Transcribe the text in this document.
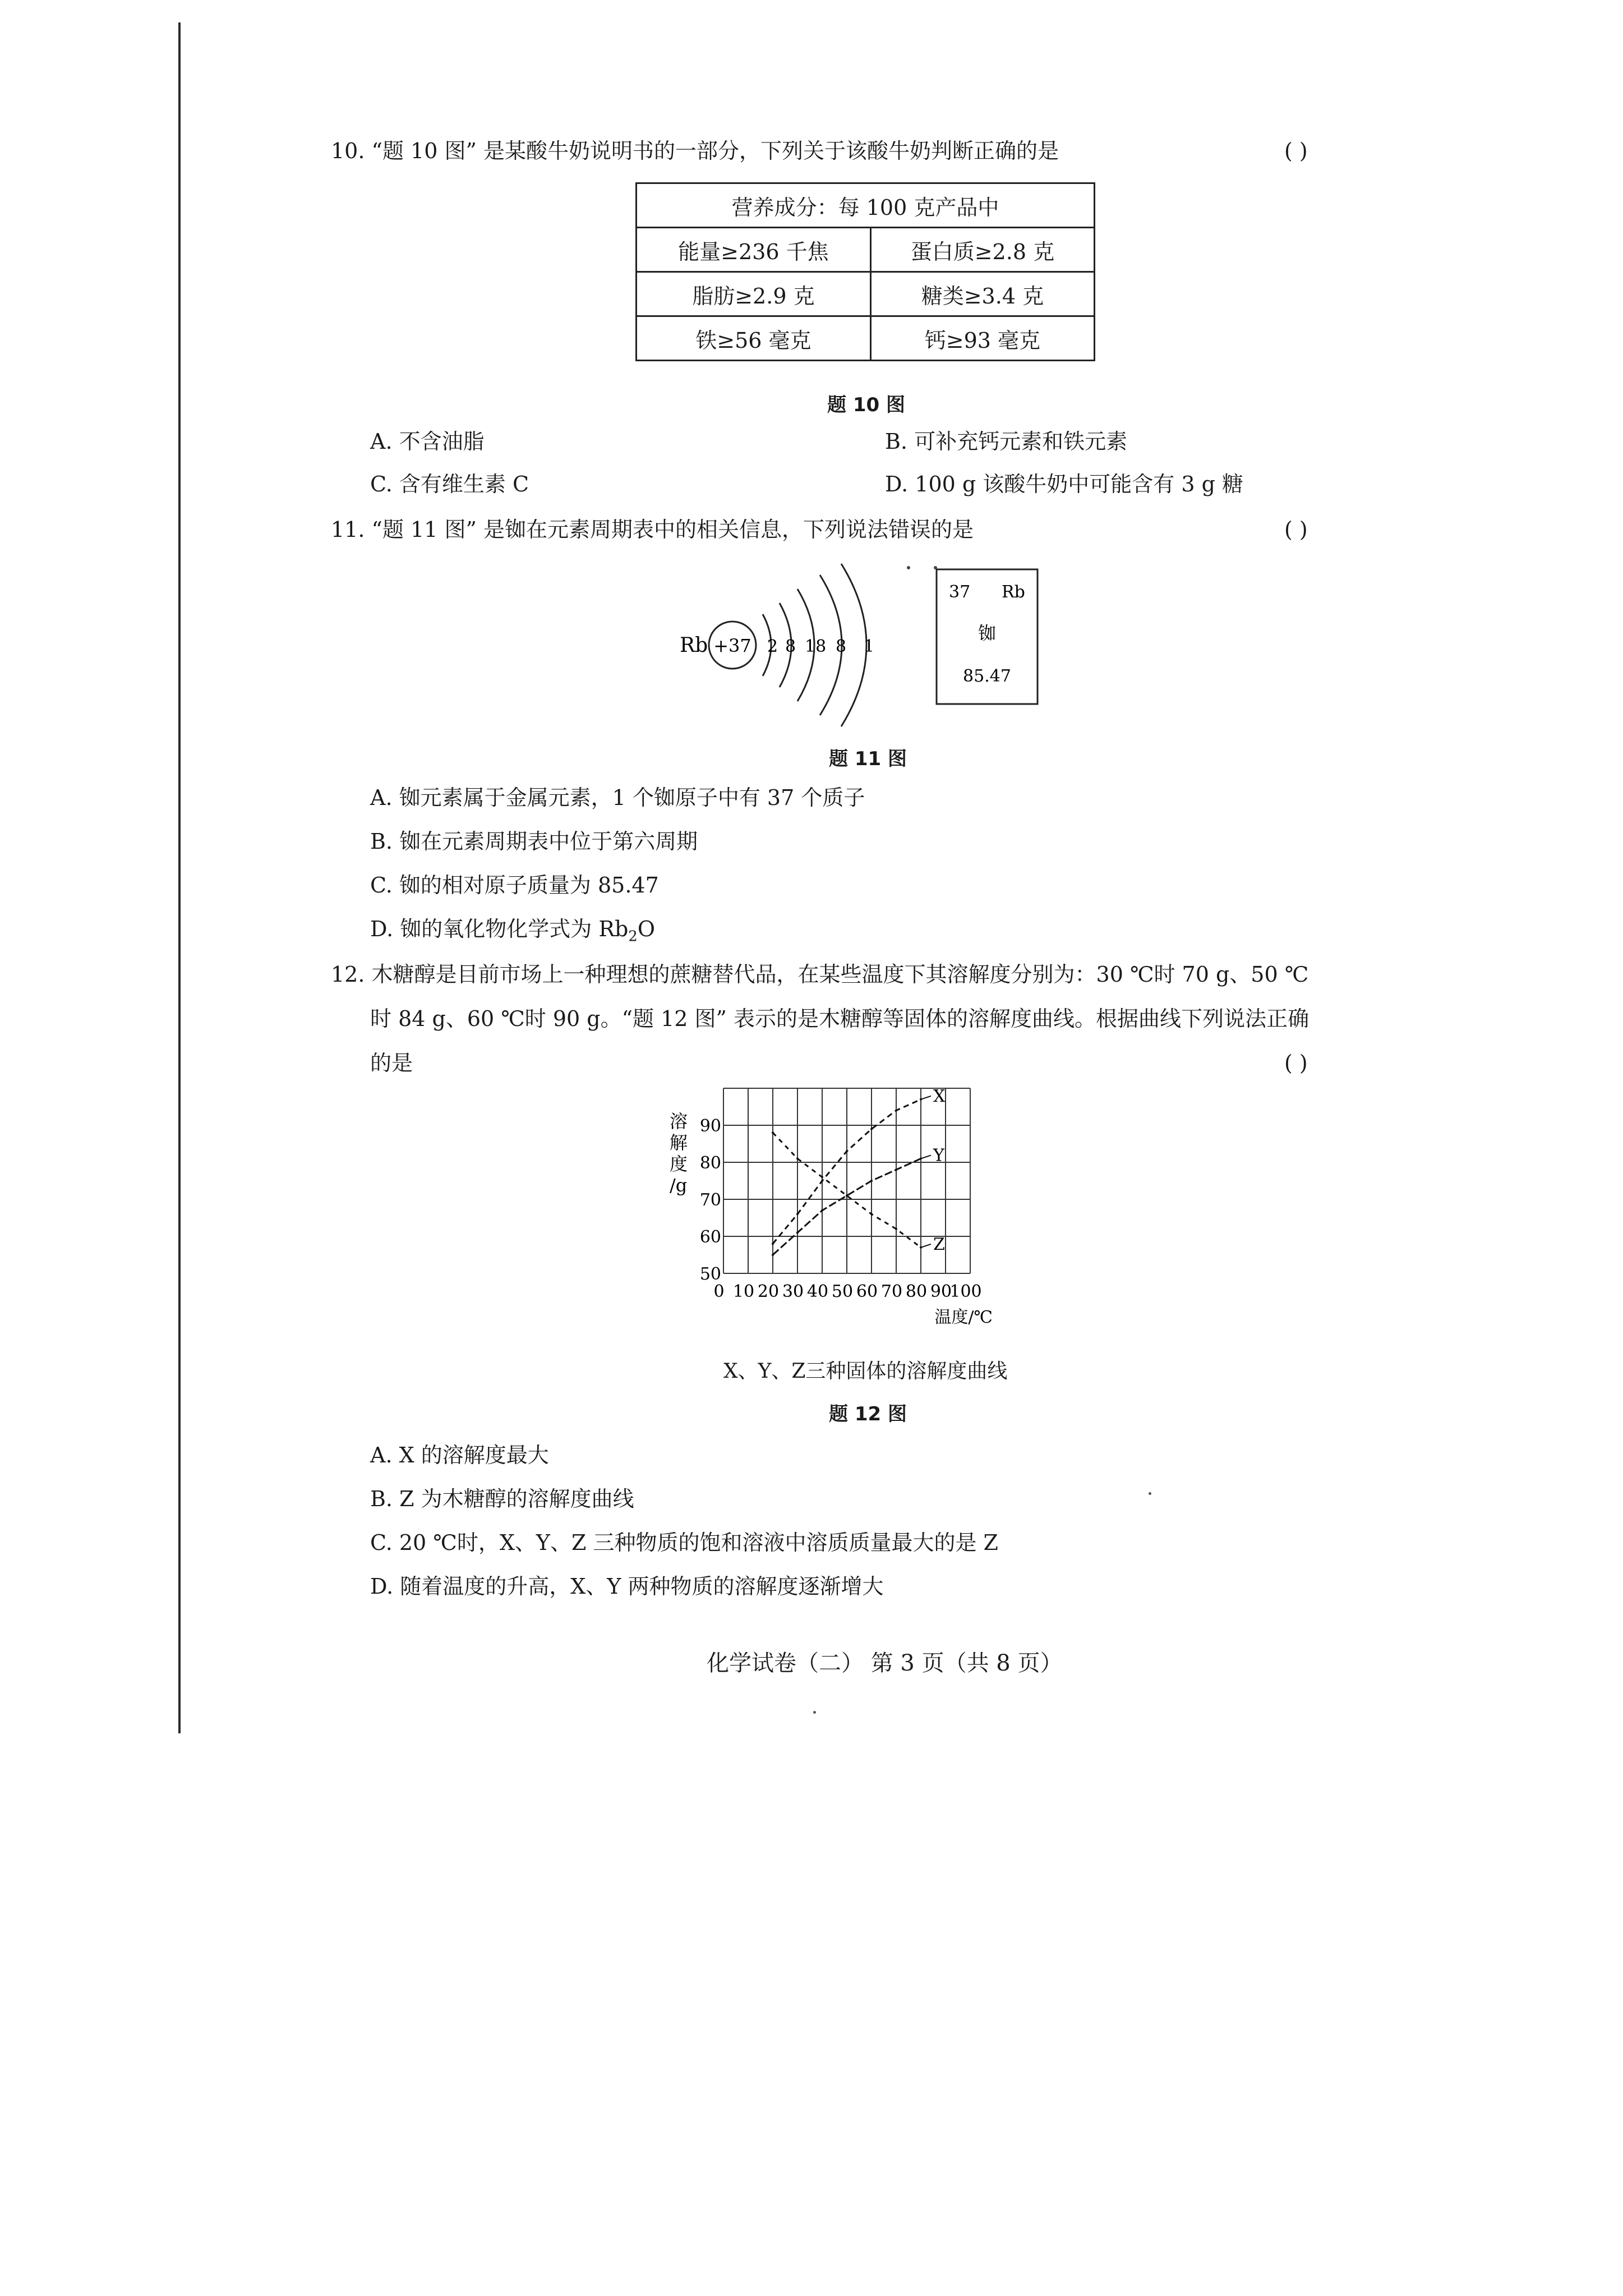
10. “题 10 图” 是某酸牛奶说明书的一部分，下列关于该酸牛奶判断正确的是	( )
营养成分：每 100 克产品中	
能量≥236 千焦	蛋白质≥2.8 克
脂肪≥2.9 克	糖类≥3.4 克
铁≥56 毫克	钙≥93 毫克
题 10 图
A. 不含油脂	B. 可补充钙元素和铁元素
C. 含有维生素 C	D. 100 g 该酸牛奶中可能含有 3 g 糖
11. “题 11 图” 是铷在元素周期表中的相关信息，下列说法错误的是	( )
Rb +37 2 8 18 8 1
37 Rb
铷
85.47
题 11 图
A. 铷元素属于金属元素，1 个铷原子中有 37 个质子
B. 铷在元素周期表中位于第六周期
C. 铷的相对原子质量为 85.47
D. 铷的氧化物化学式为 $Rb_2O$
12. 木糖醇是目前市场上一种理想的蔗糖替代品，在某些温度下其溶解度分别为：30 ℃时 70 g、50 ℃
时 84 g、60 ℃时 90 g。“题 12 图” 表示的是木糖醇等固体的溶解度曲线。根据曲线下列说法正确
的是	( )
0 10 20 30 40 50 60 70 80 90
100
50
60
70
80
90
溶
解
度
/g
温度/℃
X
Y
Z
X、Y、Z三种固体的溶解度曲线
题 12 图
A. X 的溶解度最大
B. Z 为木糖醇的溶解度曲线
C. 20 ℃时，X、Y、Z 三种物质的饱和溶液中溶质质量最大的是 Z
D. 随着温度的升高，X、Y 两种物质的溶解度逐渐增大
化学试卷（二） 第 3 页（共 8 页）
